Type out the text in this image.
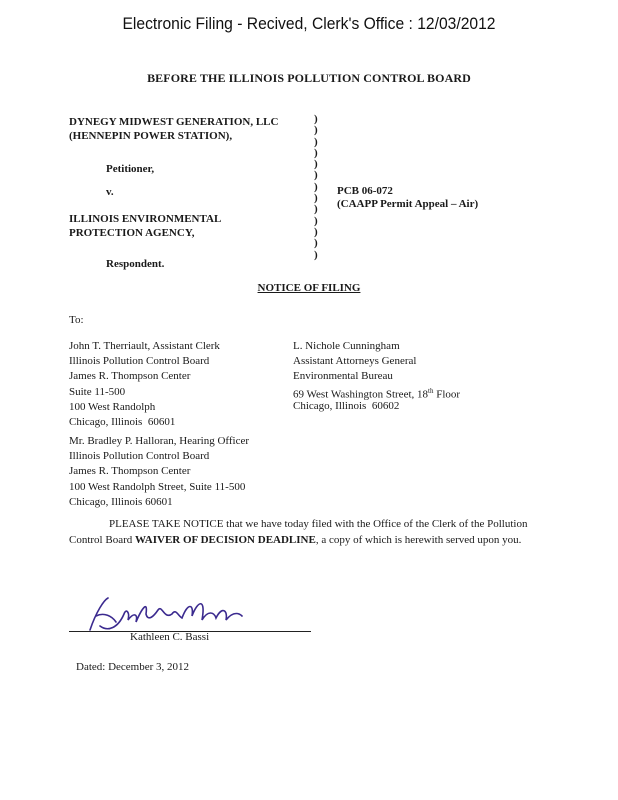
Electronic Filing - Recived, Clerk's Office : 12/03/2012
BEFORE THE ILLINOIS POLLUTION CONTROL BOARD
DYNEGY MIDWEST GENERATION, LLC
(HENNEPIN POWER STATION),
Petitioner,
v.
ILLINOIS ENVIRONMENTAL
PROTECTION AGENCY,
Respondent.
)
)
)
)
)
)
)
)
)
)
)
)
)
PCB 06-072
(CAAPP Permit Appeal – Air)
NOTICE OF FILING
To:
John T. Therriault, Assistant Clerk
Illinois Pollution Control Board
James R. Thompson Center
Suite 11-500
100 West Randolph
Chicago, Illinois  60601
L. Nichole Cunningham
Assistant Attorneys General
Environmental Bureau
69 West Washington Street, 18th Floor
Chicago, Illinois  60602
Mr. Bradley P. Halloran, Hearing Officer
Illinois Pollution Control Board
James R. Thompson Center
100 West Randolph Street, Suite 11-500
Chicago, Illinois 60601
PLEASE TAKE NOTICE that we have today filed with the Office of the Clerk of the Pollution Control Board WAIVER OF DECISION DEADLINE, a copy of which is herewith served upon you.
Kathleen C. Bassi
Dated: December 3, 2012
